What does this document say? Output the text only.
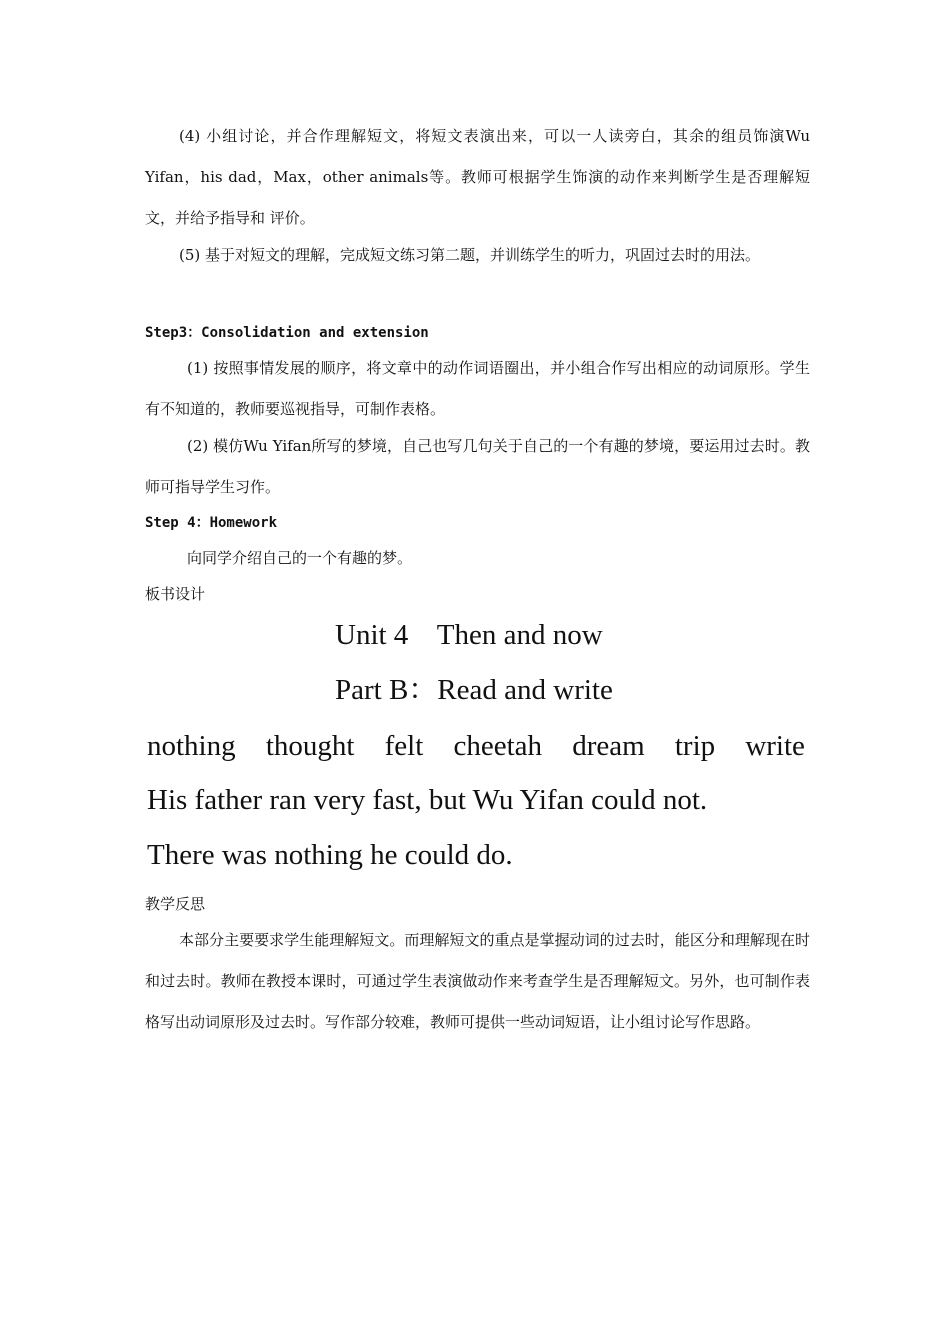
(4) 小组讨论，并合作理解短文，将短文表演出来，可以一人读旁白，其余的组员饰演Wu Yifan，his dad，Max，other animals等。教师可根据学生饰演的动作来判断学生是否理解短文，并给予指导和 评价。

(5) 基于对短文的理解，完成短文练习第二题，并训练学生的听力，巩固过去时的用法。

Step3：Consolidation and extension

(1) 按照事情发展的顺序，将文章中的动作词语圈出，并小组合作写出相应的动词原形。学生有不知道的，教师要巡视指导，可制作表格。

(2) 模仿Wu Yifan所写的梦境，自己也写几句关于自己的一个有趣的梦境，要运用过去时。教师可指导学生习作。

Step 4：Homework

向同学介绍自己的一个有趣的梦。

板书设计

Unit 4    Then and now

Part B：Read and write

nothing thought felt cheetah dream trip write

His father ran very fast, but Wu Yifan could not.

There was nothing he could do.

教学反思

本部分主要要求学生能理解短文。而理解短文的重点是掌握动词的过去时，能区分和理解现在时和过去时。教师在教授本课时，可通过学生表演做动作来考查学生是否理解短文。另外，也可制作表格写出动词原形及过去时。写作部分较难，教师可提供一些动词短语，让小组讨论写作思路。
